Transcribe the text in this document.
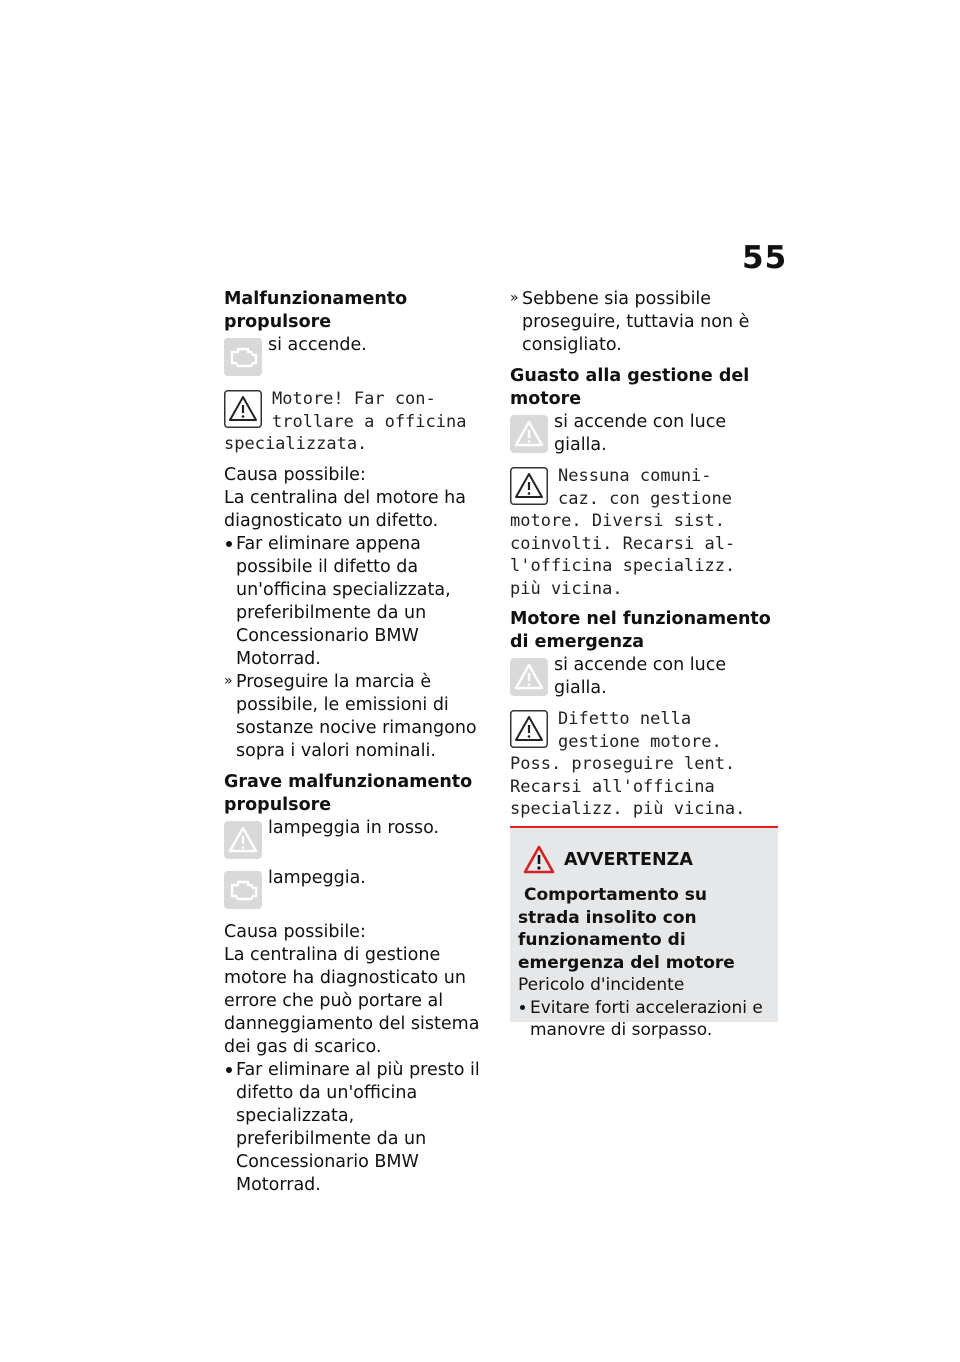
55
Malfunzionamento propulsore
si accende.
Motore! Far con-
trollare a officina
specializzata.
Causa possibile:
La centralina del motore ha diagnosticato un difetto.
Far eliminare appena possibile il difetto da un'officina specializzata, preferibilmente da un Concessionario BMW Motorrad.
» Proseguire la marcia è possibile, le emissioni di sostanze nocive rimangono sopra i valori nominali.
Grave malfunzionamento propulsore
lampeggia in rosso.
lampeggia.
Causa possibile:
La centralina di gestione motore ha diagnosticato un errore che può portare al danneggiamento del sistema dei gas di scarico.
Far eliminare al più presto il difetto da un'officina specializzata, preferibilmente da un Concessionario BMW Motorrad.
» Sebbene sia possibile proseguire, tuttavia non è consigliato.
Guasto alla gestione del motore
si accende con luce gialla.
Nessuna comuni-
caz. con gestione
motore. Diversi sist.
coinvolti. Recarsi al-
l'officina specializz.
più vicina.
Motore nel funzionamento di emergenza
si accende con luce gialla.
Difetto nella
gestione motore.
Poss. proseguire lent.
Recarsi all'officina
specializz. più vicina.
AVVERTENZA
Comportamento su strada insolito con funzionamento di emergenza del motore
Pericolo d'incidente
Evitare forti accelerazioni e manovre di sorpasso.
